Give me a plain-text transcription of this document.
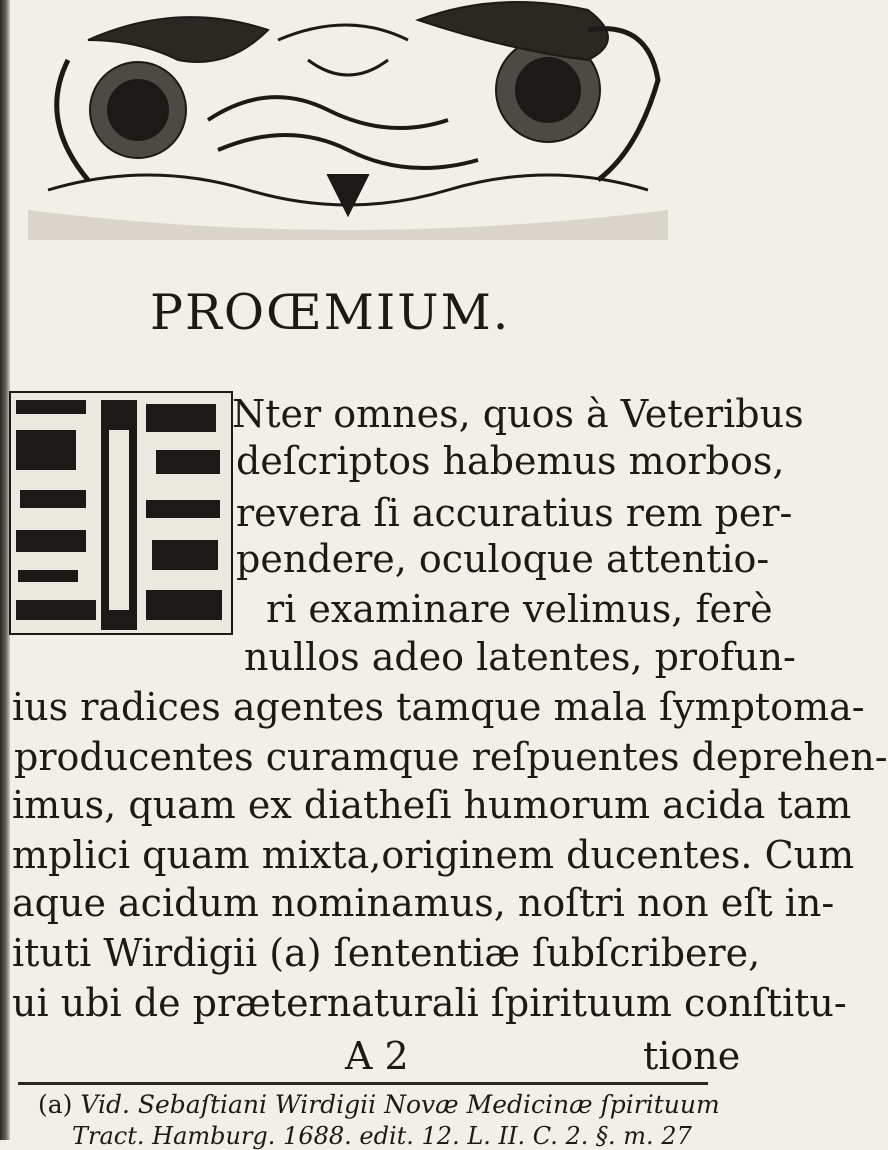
PROŒMIUM.

Nter omnes, quos à Veteribus

deſcriptos habemus morbos,

revera ſi accuratius rem per-

pendere, oculoque attentio-

ri examinare velimus, ferè

nullos adeo latentes, profun-

ius radices agentes tamque mala ſymptoma-

producentes curamque reſpuentes deprehen-

imus, quam ex diatheſi humorum acida tam

mplici quam mixta,originem ducentes. Cum

aque acidum nominamus, noſtri non eſt in-

ituti Wirdigii (a) ſententiæ ſubſcribere,

ui ubi de præternaturali ſpirituum conſtitu-

A 2	tione
(a) Vid. Sebaſtiani Wirdigii Novæ Medicinæ ſpirituum
Tract. Hamburg. 1688. edit. 12. L. II. C. 2. §. m. 27
